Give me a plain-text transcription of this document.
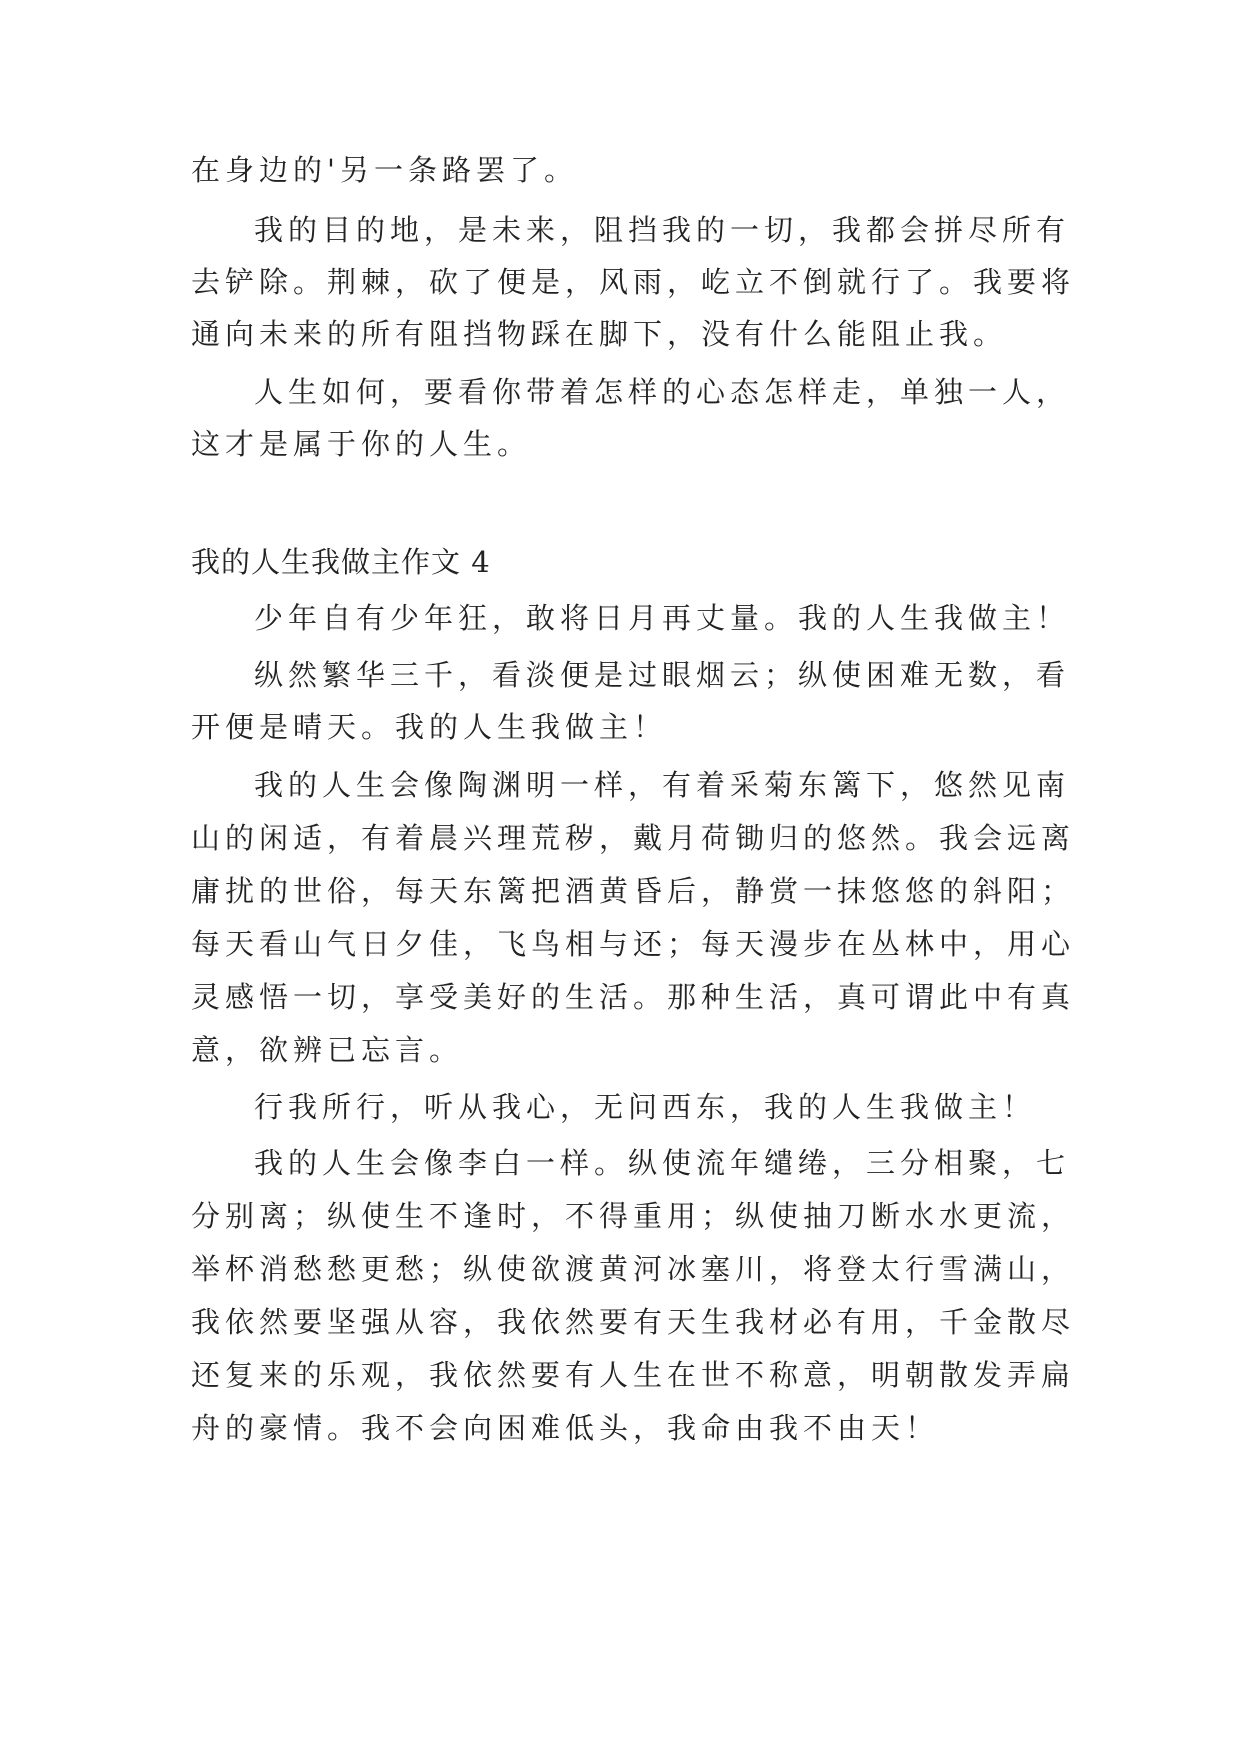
在身边的'另一条路罢了。

我的目的地，是未来，阻挡我的一切，我都会拼尽所有

去铲除。荆棘，砍了便是，风雨，屹立不倒就行了。我要将

通向未来的所有阻挡物踩在脚下，没有什么能阻止我。

人生如何，要看你带着怎样的心态怎样走，单独一人，

这才是属于你的人生。

我的人生我做主作文 4

少年自有少年狂，敢将日月再丈量。我的人生我做主！

纵然繁华三千，看淡便是过眼烟云；纵使困难无数，看

开便是晴天。我的人生我做主！

我的人生会像陶渊明一样，有着采菊东篱下，悠然见南

山的闲适，有着晨兴理荒秽，戴月荷锄归的悠然。我会远离

庸扰的世俗，每天东篱把酒黄昏后，静赏一抹悠悠的斜阳；

每天看山气日夕佳，飞鸟相与还；每天漫步在丛林中，用心

灵感悟一切，享受美好的生活。那种生活，真可谓此中有真

意，欲辨已忘言。

行我所行，听从我心，无问西东，我的人生我做主！

我的人生会像李白一样。纵使流年缱绻，三分相聚，七

分别离；纵使生不逢时，不得重用；纵使抽刀断水水更流，

举杯消愁愁更愁；纵使欲渡黄河冰塞川，将登太行雪满山，

我依然要坚强从容，我依然要有天生我材必有用，千金散尽

还复来的乐观，我依然要有人生在世不称意，明朝散发弄扁

舟的豪情。我不会向困难低头，我命由我不由天！
